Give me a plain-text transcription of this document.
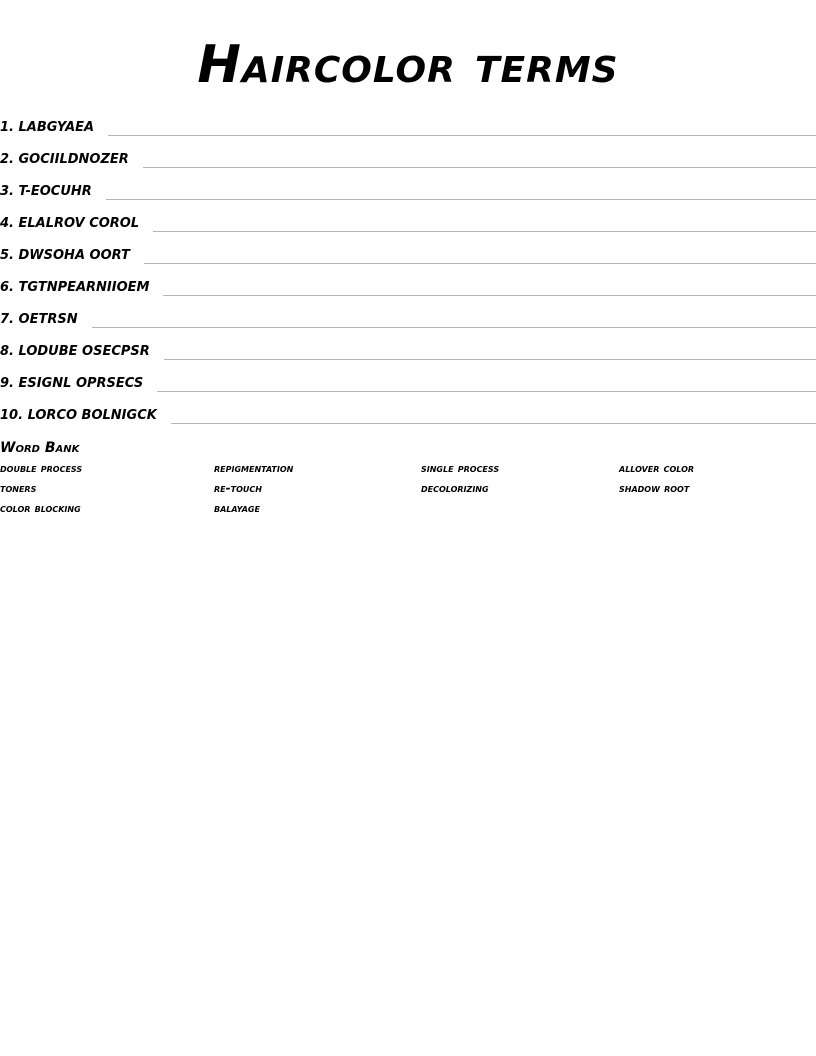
Haircolor terms
1. LABGYAEA
2. GOCIILDNOZER
3. T-EOCUHR
4. ELALROV COROL
5. DWSOHA OORT
6. TGTNPEARNIIOEM
7. OETRSN
8. LODUBE OSECPSR
9. ESIGNL OPRSECS
10. LORCO BOLNIGCK
Word Bank
double process	repigmentation	single process	allover color
toners	re-touch	decolorizing	shadow root
color blocking	balayage
